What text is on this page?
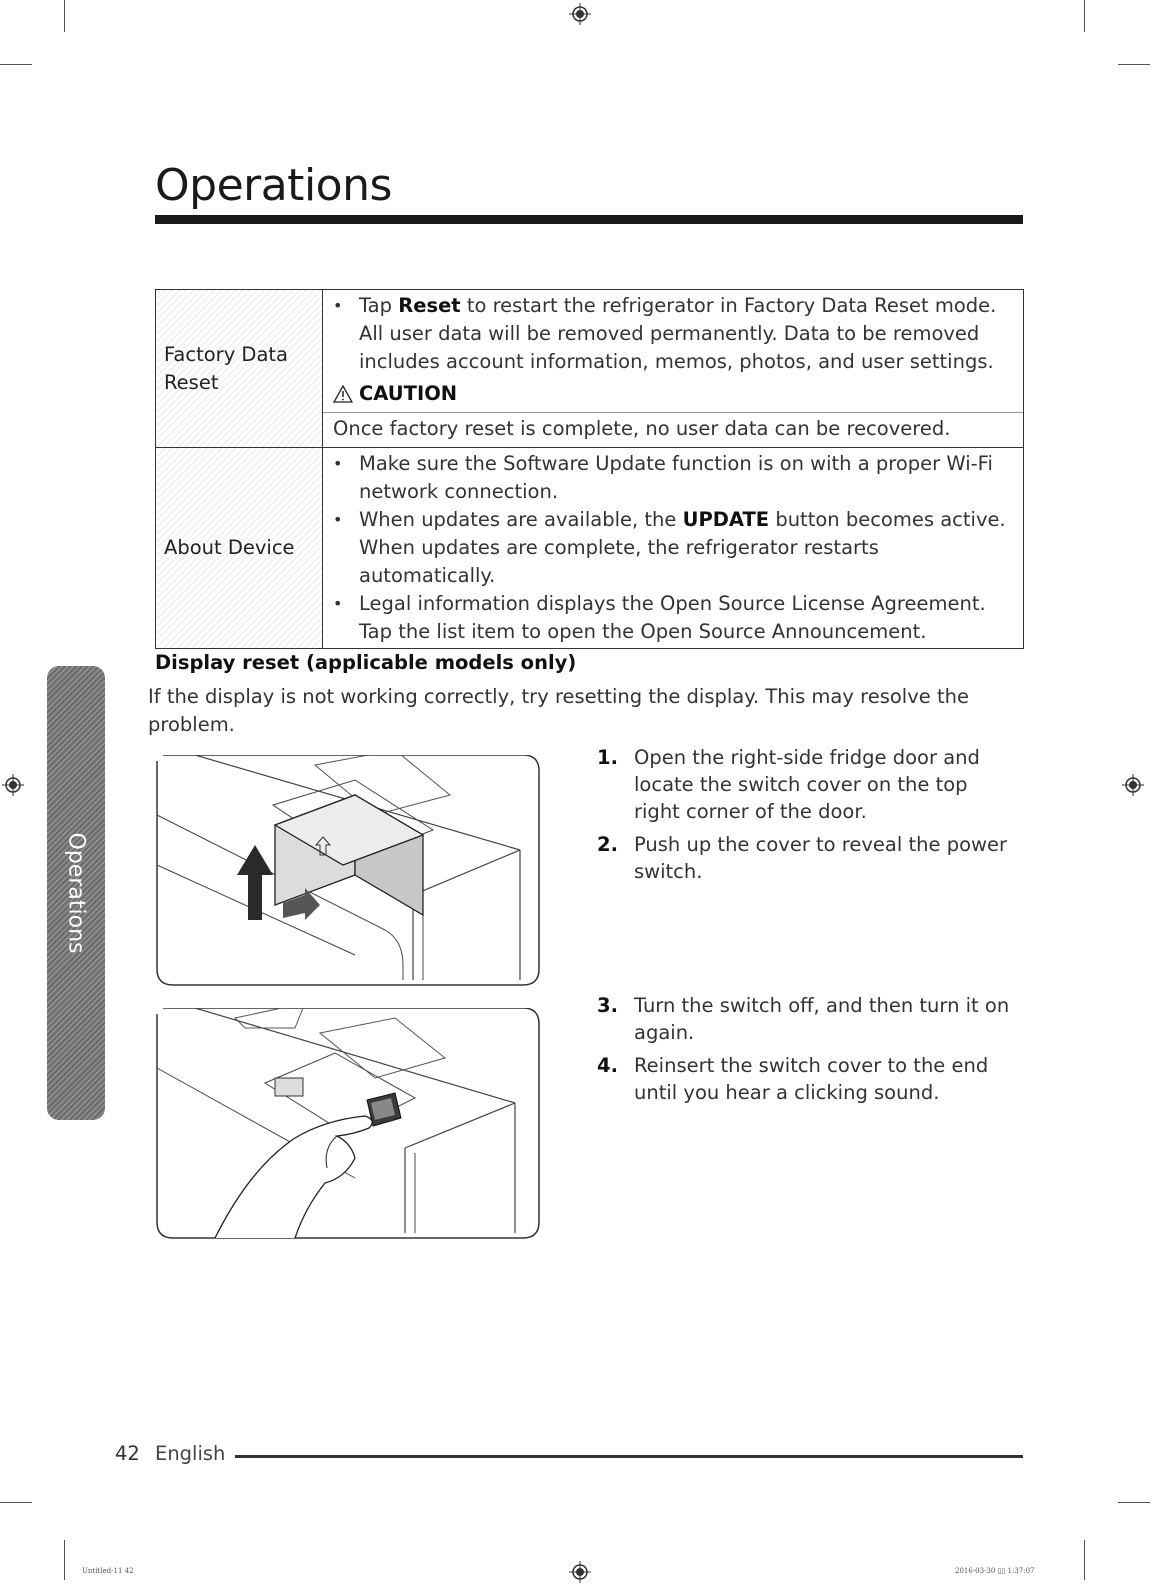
Operations
Operations
Factory Data Reset	• Tap Reset to restart the refrigerator in Factory Data Reset mode. All user data will be removed permanently. Data to be removed includes account information, memos, photos, and user settings.
CAUTION
Once factory reset is complete, no user data can be recovered.

About Device	• Make sure the Software Update function is on with a proper Wi-Fi network connection.
• When updates are available, the UPDATE button becomes active. When updates are complete, the refrigerator restarts automatically.
• Legal information displays the Open Source License Agreement. Tap the list item to open the Open Source Announcement.
Display reset (applicable models only)
If the display is not working correctly, try resetting the display. This may resolve the problem.
1. Open the right-side fridge door and locate the switch cover on the top right corner of the door.
2. Push up the cover to reveal the power switch.
3. Turn the switch off, and then turn it on again.
4. Reinsert the switch cover to the end until you hear a clicking sound.
42 English
Untitled-11 42	2016-03-30 ▯▯ 1:37:07
